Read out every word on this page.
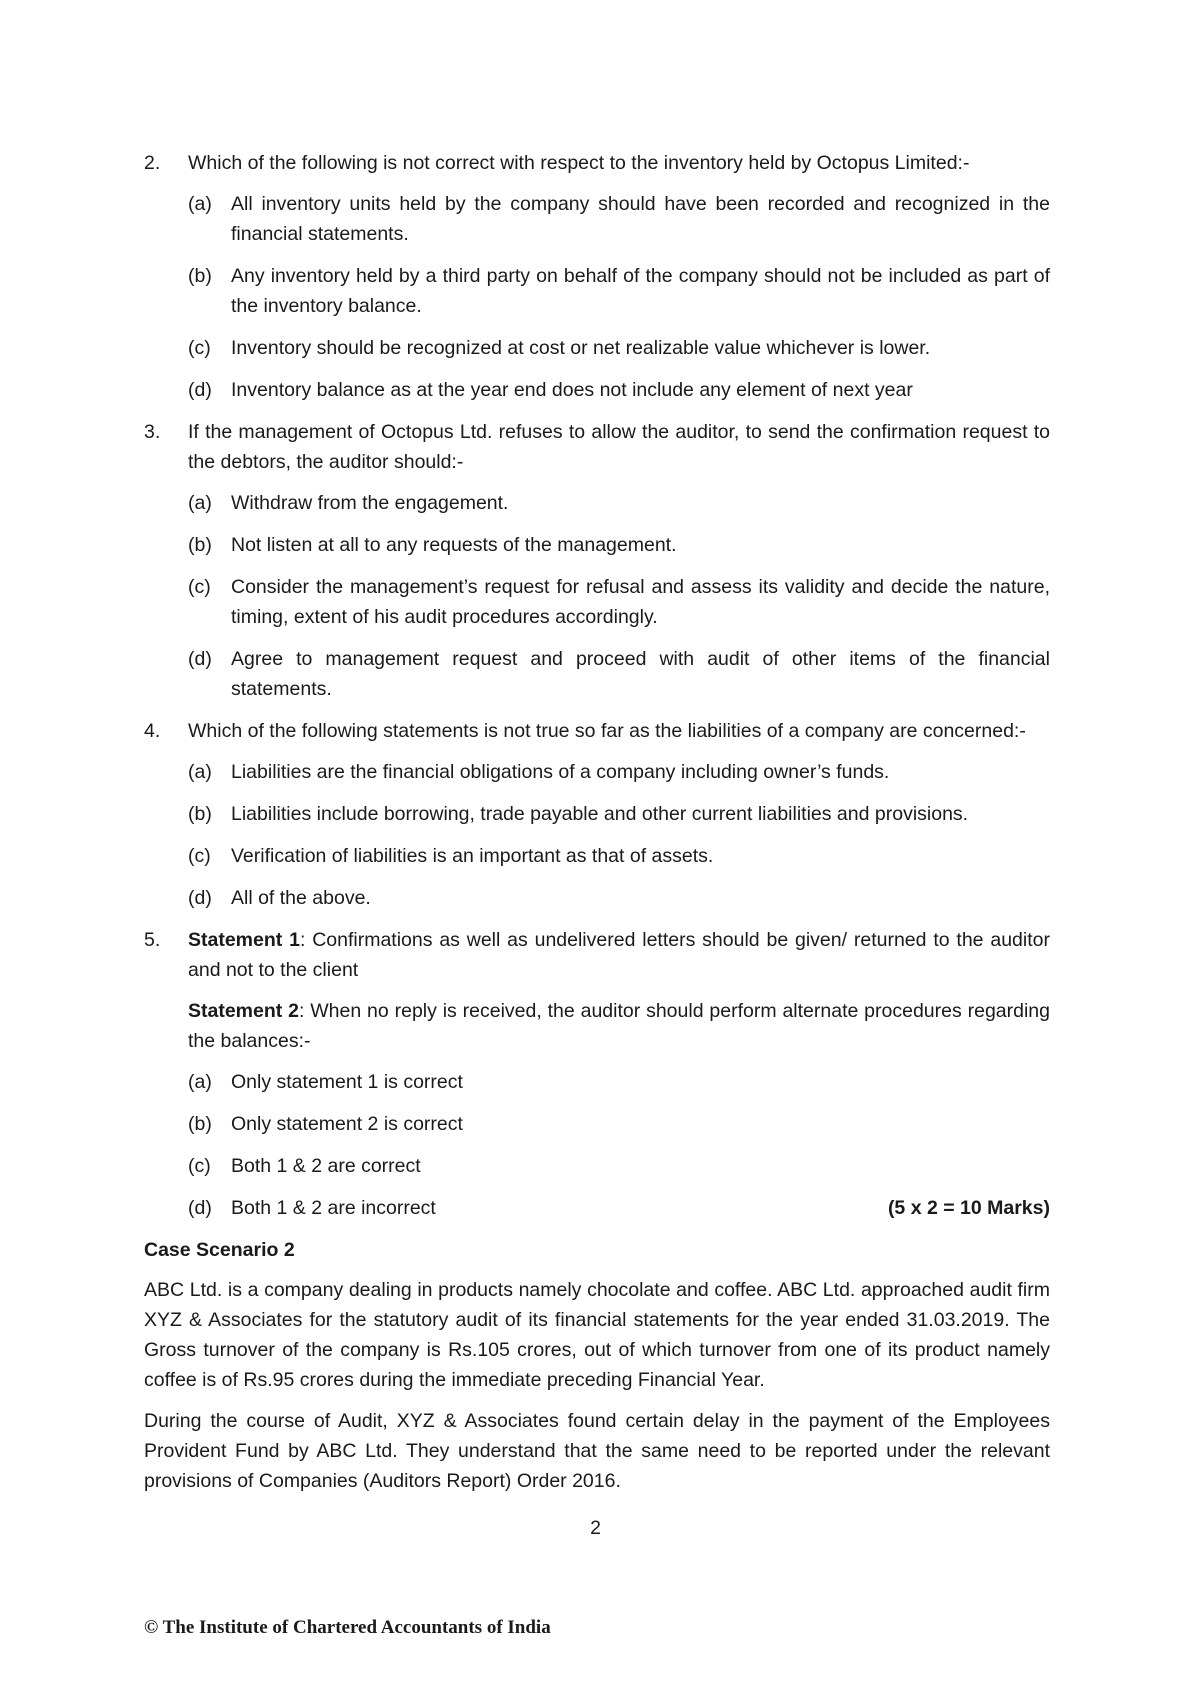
2. Which of the following is not correct with respect to the inventory held by Octopus Limited:-
(a) All inventory units held by the company should have been recorded and recognized in the financial statements.
(b) Any inventory held by a third party on behalf of the company should not be included as part of the inventory balance.
(c) Inventory should be recognized at cost or net realizable value whichever is lower.
(d) Inventory balance as at the year end does not include any element of next year
3. If the management of Octopus Ltd. refuses to allow the auditor, to send the confirmation request to the debtors, the auditor should:-
(a) Withdraw from the engagement.
(b) Not listen at all to any requests of the management.
(c) Consider the management’s request for refusal and assess its validity and decide the nature, timing, extent of his audit procedures accordingly.
(d) Agree to management request and proceed with audit of other items of the financial statements.
4. Which of the following statements is not true so far as the liabilities of a company are concerned:-
(a) Liabilities are the financial obligations of a company including owner’s funds.
(b) Liabilities include borrowing, trade payable and other current liabilities and provisions.
(c) Verification of liabilities is an important as that of assets.
(d) All of the above.
5. Statement 1: Confirmations as well as undelivered letters should be given/ returned to the auditor and not to the client
Statement 2: When no reply is received, the auditor should perform alternate procedures regarding the balances:-
(a) Only statement 1 is correct
(b) Only statement 2 is correct
(c) Both 1 & 2 are correct
(d) Both 1 & 2 are incorrect	(5 x 2 = 10 Marks)
Case Scenario 2

ABC Ltd. is a company dealing in products namely chocolate and coffee. ABC Ltd. approached audit firm XYZ & Associates for the statutory audit of its financial statements for the year ended 31.03.2019. The Gross turnover of the company is Rs.105 crores, out of which turnover from one of its product namely coffee is of Rs.95 crores during the immediate preceding Financial Year.

During the course of Audit, XYZ & Associates found certain delay in the payment of the Employees Provident Fund by ABC Ltd. They understand that the same need to be reported under the relevant provisions of Companies (Auditors Report) Order 2016.

2
© The Institute of Chartered Accountants of India
